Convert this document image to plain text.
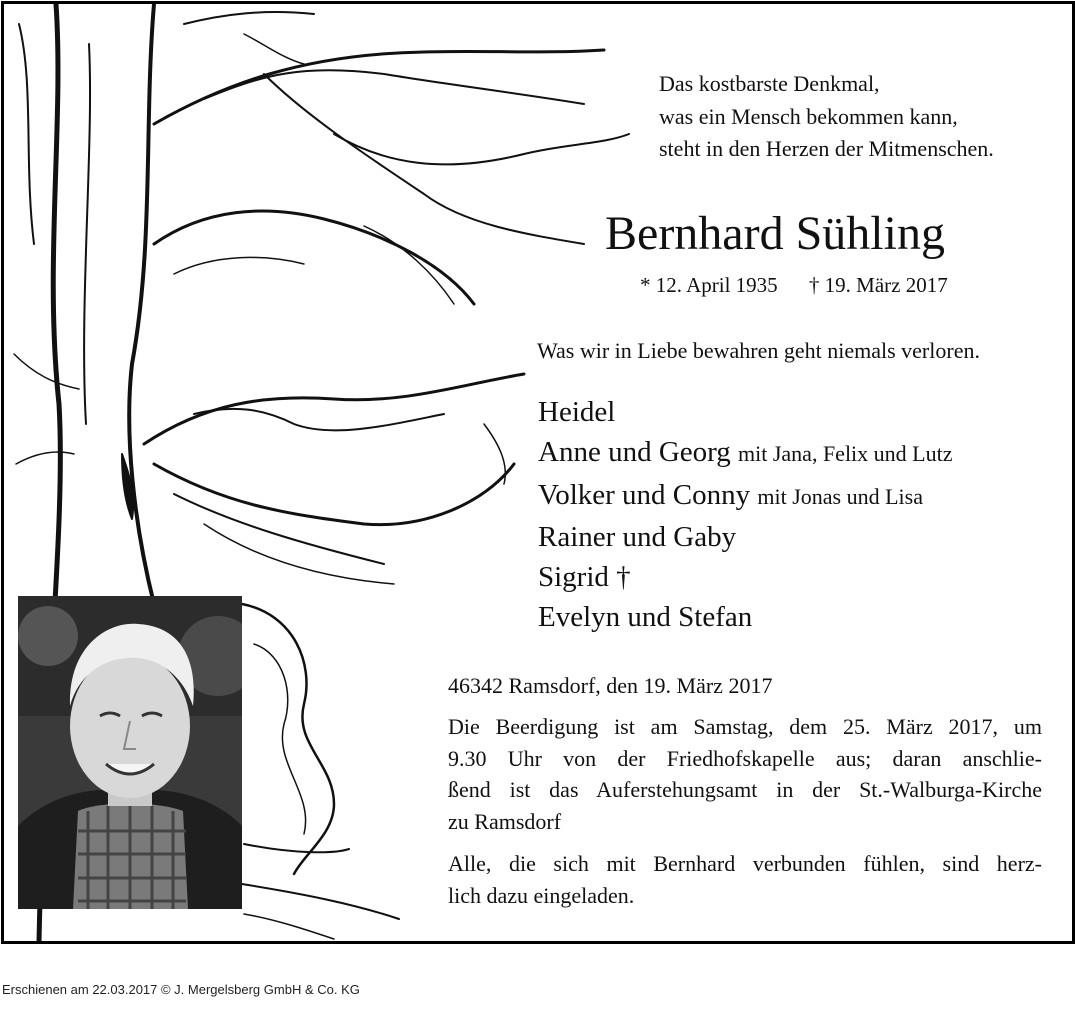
Das kostbarste Denkmal,
was ein Mensch bekommen kann,
steht in den Herzen der Mitmenschen.
Bernhard Sühling
* 12. April 1935 † 19. März 2017
Was wir in Liebe bewahren geht niemals verloren.
Heidel
Anne und Georg mit Jana, Felix und Lutz
Volker und Conny mit Jonas und Lisa
Rainer und Gaby
Sigrid †
Evelyn und Stefan
46342 Ramsdorf, den 19. März 2017
Die Beerdigung ist am Samstag, dem 25. März 2017, um
9.30 Uhr von der Friedhofskapelle aus; daran anschlie-
ßend ist das Auferstehungsamt in der St.-Walburga-Kirche
zu Ramsdorf
Alle, die sich mit Bernhard verbunden fühlen, sind herz-
lich dazu eingeladen.
Erschienen am 22.03.2017 © J. Mergelsberg GmbH & Co. KG
